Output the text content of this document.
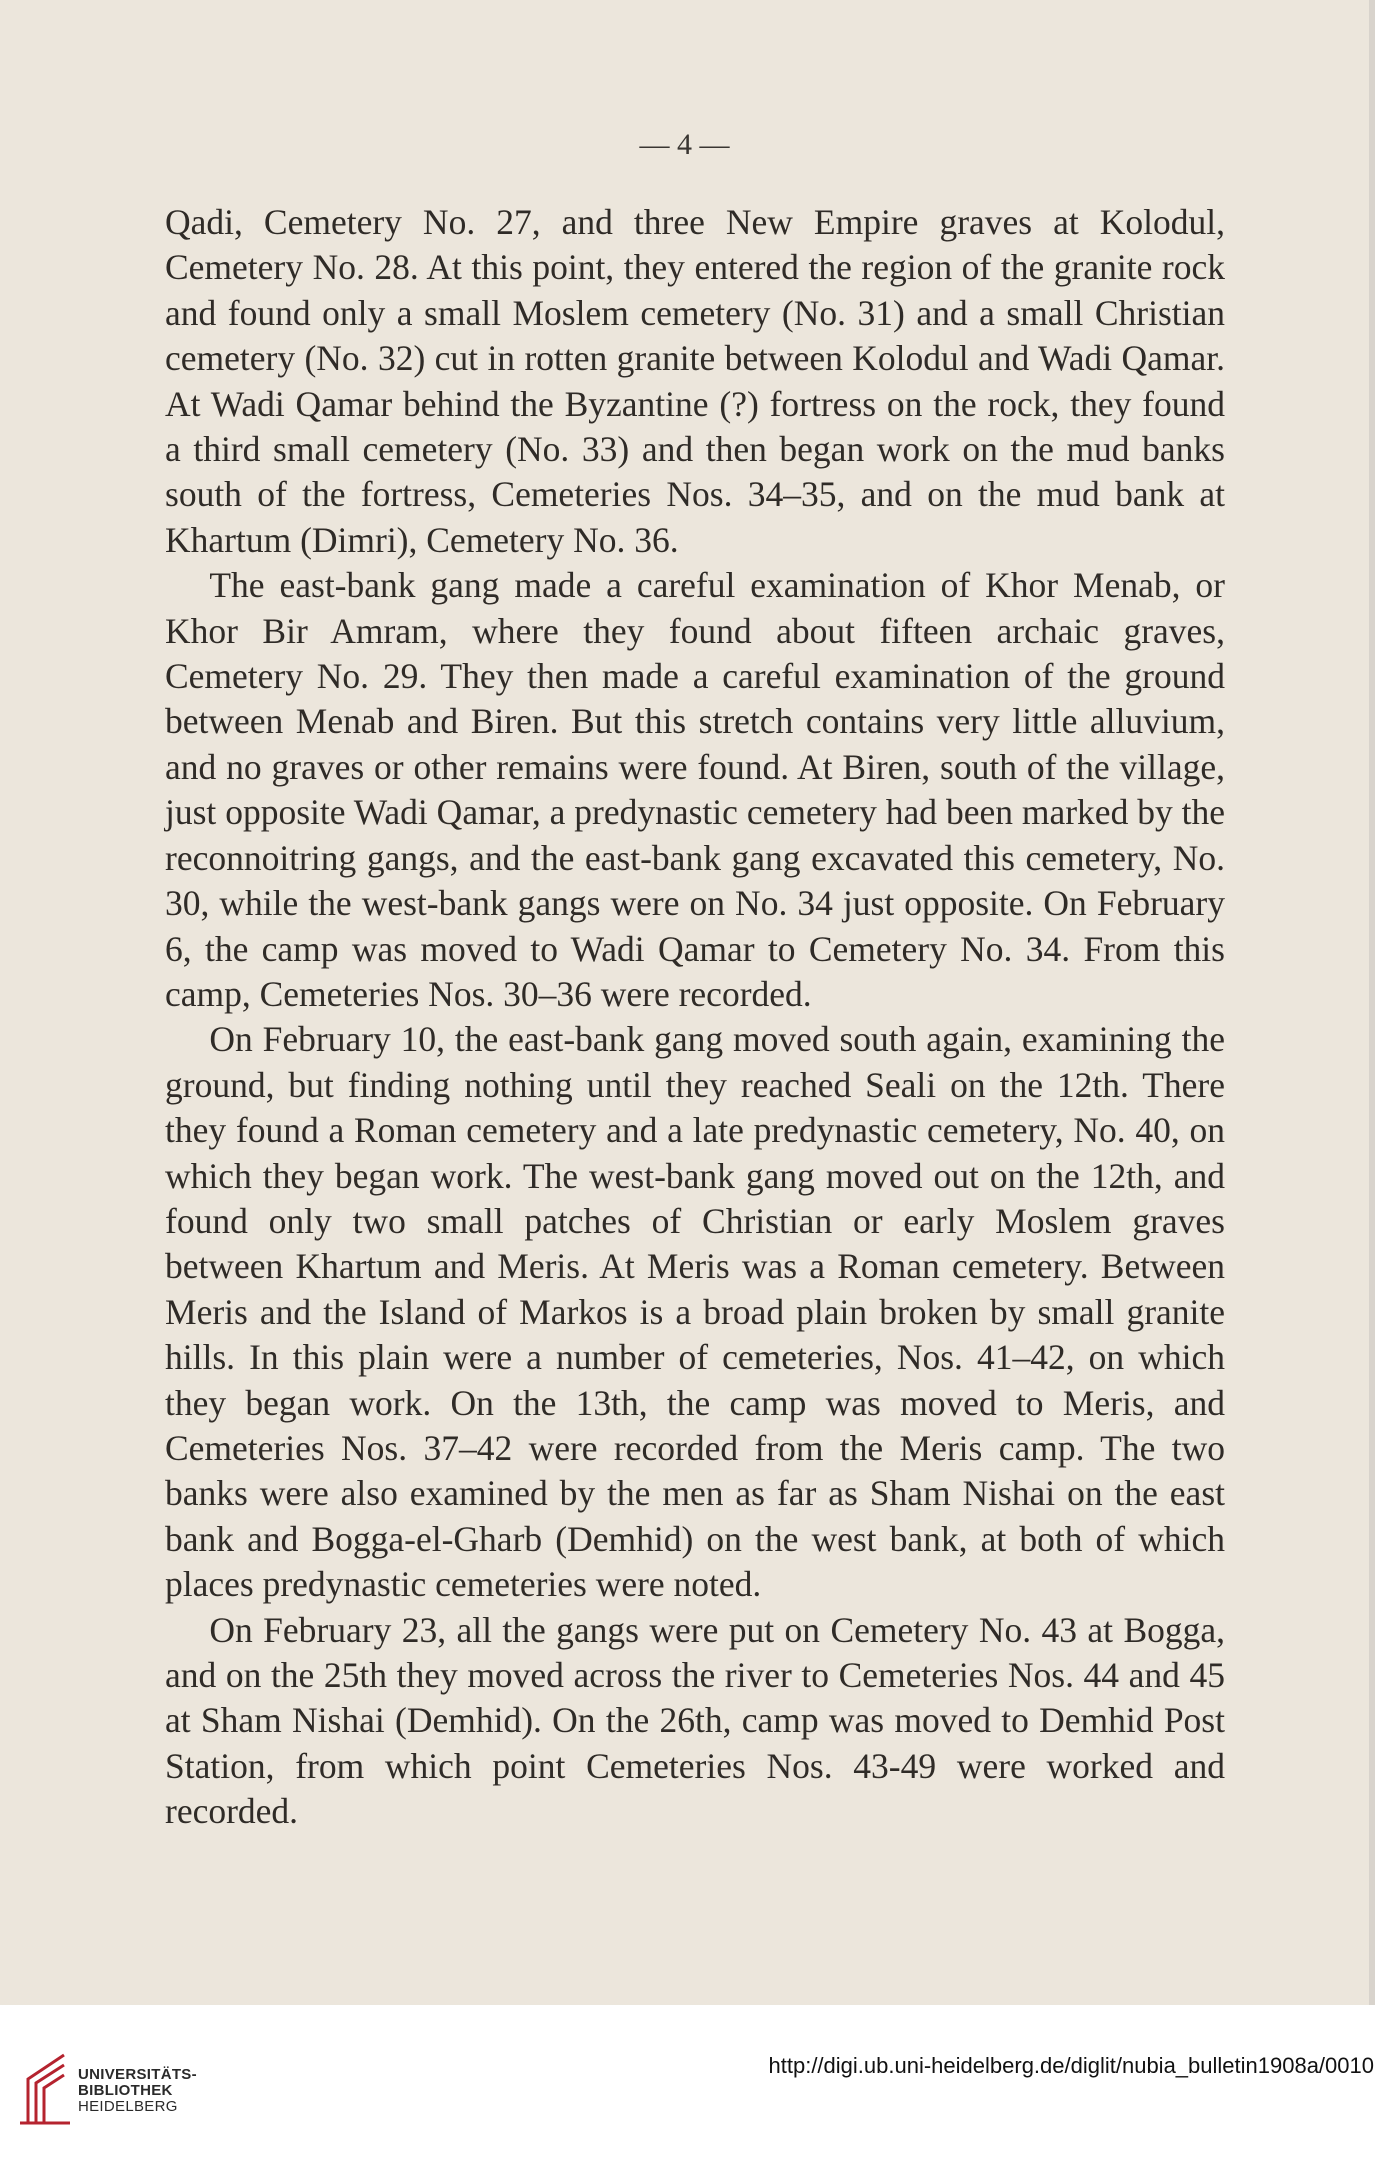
— 4 —

Qadi, Cemetery No. 27, and three New Empire graves at Kolodul, Cemetery No. 28. At this point, they entered the region of the granite rock and found only a small Moslem cemetery (No. 31) and a small Christian cemetery (No. 32) cut in rotten granite between Kolodul and Wadi Qamar. At Wadi Qamar behind the Byzantine (?) fortress on the rock, they found a third small cemetery (No. 33) and then began work on the mud banks south of the fortress, Cemeteries Nos. 34–35, and on the mud bank at Khartum (Dimri), Cemetery No. 36.

The east-bank gang made a careful examination of Khor Menab, or Khor Bir Amram, where they found about fifteen archaic graves, Cemetery No. 29. They then made a careful examination of the ground between Menab and Biren. But this stretch contains very little alluvium, and no graves or other remains were found. At Biren, south of the village, just opposite Wadi Qamar, a predynastic cemetery had been marked by the reconnoitring gangs, and the east-bank gang excavated this cemetery, No. 30, while the west-bank gangs were on No. 34 just opposite. On February 6, the camp was moved to Wadi Qamar to Cemetery No. 34. From this camp, Cemeteries Nos. 30–36 were recorded.

On February 10, the east-bank gang moved south again, examining the ground, but finding nothing until they reached Seali on the 12th. There they found a Roman cemetery and a late predynastic cemetery, No. 40, on which they began work. The west-bank gang moved out on the 12th, and found only two small patches of Christian or early Moslem graves between Khartum and Meris. At Meris was a Roman cemetery. Between Meris and the Island of Markos is a broad plain broken by small granite hills. In this plain were a number of cemeteries, Nos. 41–42, on which they began work. On the 13th, the camp was moved to Meris, and Cemeteries Nos. 37–42 were recorded from the Meris camp. The two banks were also examined by the men as far as Sham Nishai on the east bank and Bogga-el-Gharb (Demhid) on the west bank, at both of which places predynastic cemeteries were noted.

On February 23, all the gangs were put on Cemetery No. 43 at Bogga, and on the 25th they moved across the river to Cemeteries Nos. 44 and 45 at Sham Nishai (Demhid). On the 26th, camp was moved to Demhid Post Station, from which point Cemeteries Nos. 43-49 were worked and recorded.

UNIVERSITÄTS-
BIBLIOTHEK
HEIDELBERG
http://digi.ub.uni-heidelberg.de/diglit/nubia_bulletin1908a/0010
